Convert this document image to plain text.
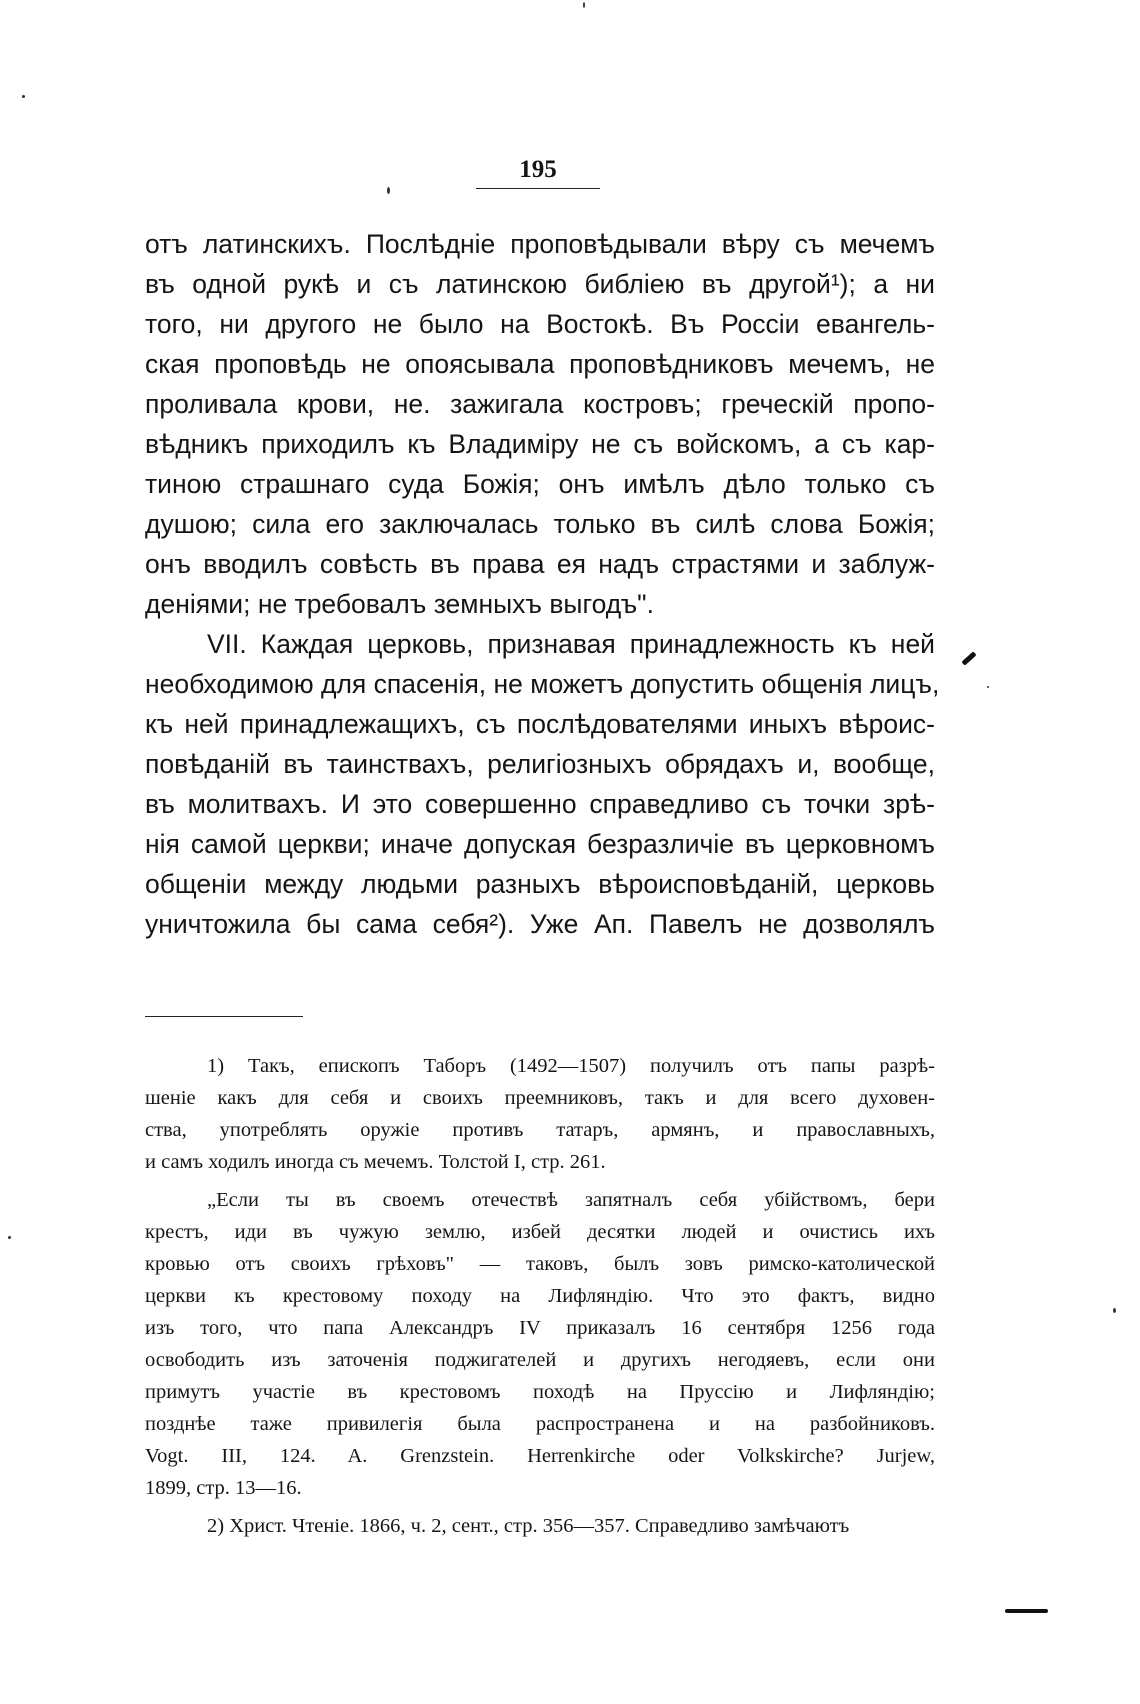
195
отъ латинскихъ. Послѣдніе проповѣдывали вѣру съ мечемъ
въ одной рукѣ и съ латинскою библіею въ другой¹); а ни
того, ни другого не было на Востокѣ. Въ Россіи евангель-
ская проповѣдь не опоясывала проповѣдниковъ мечемъ, не
проливала крови, не. зажигала костровъ; греческій пропо-
вѣдникъ приходилъ къ Владиміру не съ войскомъ, а съ кар-
тиною страшнаго суда Божія; онъ имѣлъ дѣло только съ
душою; сила его заключалась только въ силѣ слова Божія;
онъ вводилъ совѣсть въ права ея надъ страстями и заблуж-
деніями; не требовалъ земныхъ выгодъ".
VII. Каждая церковь, признавая принадлежность къ ней
необходимою для спасенія, не можетъ допустить общенія лицъ,
къ ней принадлежащихъ, съ послѣдователями иныхъ вѣроис-
повѣданій въ таинствахъ, религіозныхъ обрядахъ и, вообще,
въ молитвахъ. И это совершенно справедливо съ точки зрѣ-
нія самой церкви; иначе допуская безразличіе въ церковномъ
общеніи между людьми разныхъ вѣроисповѣданій, церковь
уничтожила бы сама себя²). Уже Ап. Павелъ не дозволялъ
1) Такъ, епископъ Таборъ (1492—1507) получилъ отъ папы разрѣ-
шеніе какъ для себя и своихъ преемниковъ, такъ и для всего духовен-
ства, употреблять оружіе противъ татаръ, армянъ, и православныхъ,
и самъ ходилъ иногда съ мечемъ. Толстой I, стр. 261.
„Если ты въ своемъ отечествѣ запятналъ себя убійствомъ, бери
крестъ, иди въ чужую землю, избей десятки людей и очистись ихъ
кровью отъ своихъ грѣховъ" — таковъ, былъ зовъ римско-католической
церкви къ крестовому походу на Лифляндію. Что это фактъ, видно
изъ того, что папа Александръ IV приказалъ 16 сентября 1256 года
освободить изъ заточенія поджигателей и другихъ негодяевъ, если они
примутъ участіе въ крестовомъ походѣ на Пруссію и Лифляндію;
позднѣе таже привилегія была распространена и на разбойниковъ.
Vogt. III, 124. A. Grenzstein. Herrenkirche oder Volkskirche? Jurjew,
1899, стр. 13—16.
2) Христ. Чтеніе. 1866, ч. 2, сент., стр. 356—357. Справедливо замѣчаютъ
